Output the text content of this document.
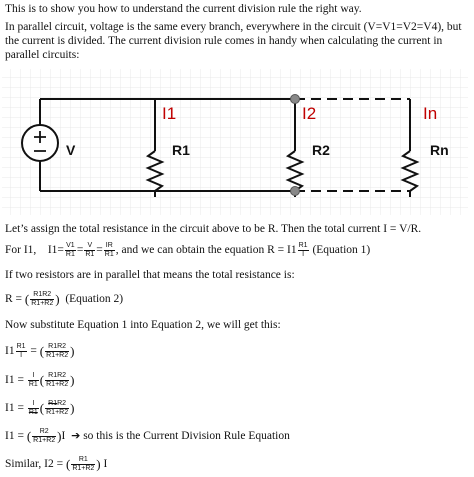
This is to show you how to understand the current division rule the right way.
In parallel circuit, voltage is the same every branch, everywhere in the circuit (V=V1=V2=V4), but the current is divided. The current division rule comes in handy when calculating the current in parallel circuits:
V	R1	R2	Rn
I1	I2	In
Let’s assign the total resistance in the circuit above to be R. Then the total current I = V/R.
For I1, $I1= \frac{V1}{R1} = \frac{V}{R1} = \frac{IR}{R1}$ , and we can obtain the equation $R = I1 \frac{R1}{I}$ (Equation 1)
If two resistors are in parallel that means the total resistance is:
R = ( $\frac{R1R2}{R1+R2}$ ) (Equation 2)
Now substitute Equation 1 into Equation 2, we will get this:
$I1 \frac{R1}{I}$ = ( $\frac{R1R2}{R1+R2}$ )
$I1 = \frac{I}{R1}$ ( $\frac{R1R2}{R1+R2}$ )
$I1 = \frac{I}{R1}$ ( $\frac{R1R2}{R1+R2}$ )
I1 = ( $\frac{R2}{R1+R2} )I$ ➔ so this is the Current Division Rule Equation
Similar, I2 = ( $\frac{R1}{R1+R2}$ ) I
